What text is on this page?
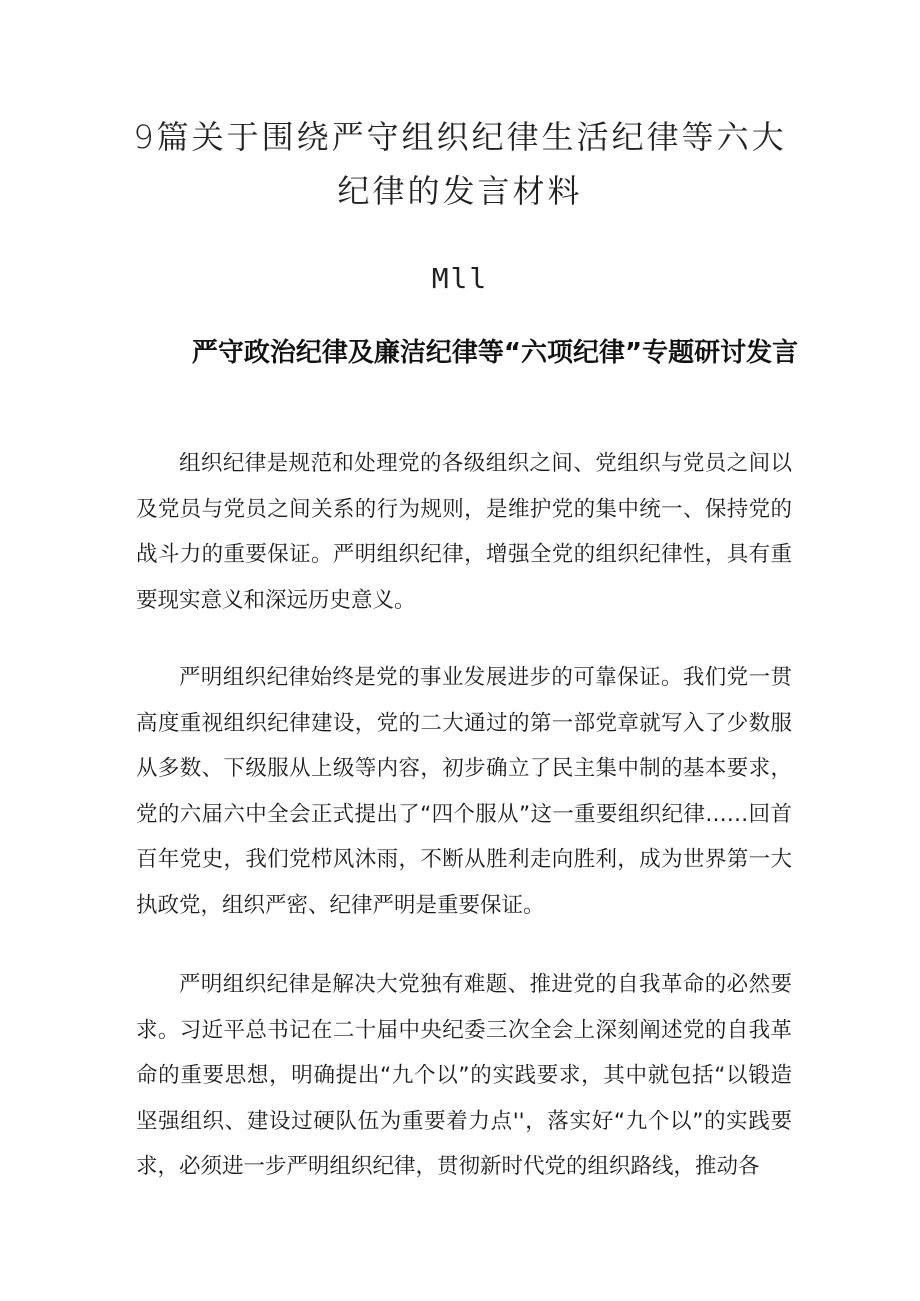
9篇关于围绕严守组织纪律生活纪律等六大纪律的发言材料

Mll

严守政治纪律及廉洁纪律等“六项纪律”专题研讨发言

组织纪律是规范和处理党的各级组织之间、党组织与党员之间以及党员与党员之间关系的行为规则，是维护党的集中统一、保持党的战斗力的重要保证。严明组织纪律，增强全党的组织纪律性，具有重要现实意义和深远历史意义。

严明组织纪律始终是党的事业发展进步的可靠保证。我们党一贯高度重视组织纪律建设，党的二大通过的第一部党章就写入了少数服从多数、下级服从上级等内容，初步确立了民主集中制的基本要求，党的六届六中全会正式提出了“四个服从”这一重要组织纪律……回首百年党史，我们党栉风沐雨，不断从胜利走向胜利，成为世界第一大执政党，组织严密、纪律严明是重要保证。

严明组织纪律是解决大党独有难题、推进党的自我革命的必然要求。习近平总书记在二十届中央纪委三次全会上深刻阐述党的自我革命的重要思想，明确提出“九个以”的实践要求，其中就包括“以锻造坚强组织、建设过硬队伍为重要着力点''，落实好“九个以”的实践要求，必须进一步严明组织纪律，贯彻新时代党的组织路线，推动各
